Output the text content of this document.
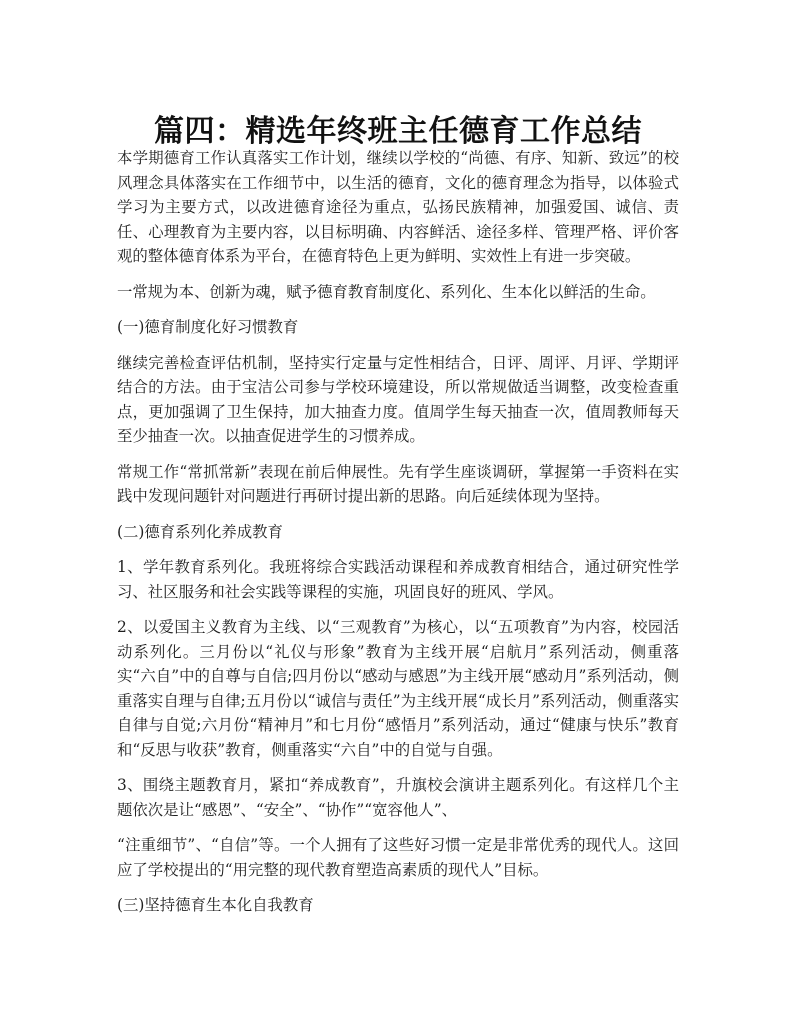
篇四：精选年终班主任德育工作总结

本学期德育工作认真落实工作计划，继续以学校的“尚德、有序、知新、致远”的校风理念具体落实在工作细节中，以生活的德育，文化的德育理念为指导，以体验式学习为主要方式，以改进德育途径为重点，弘扬民族精神，加强爱国、诚信、责任、心理教育为主要内容，以目标明确、内容鲜活、途径多样、管理严格、评价客观的整体德育体系为平台，在德育特色上更为鲜明、实效性上有进一步突破。

一常规为本、创新为魂，赋予德育教育制度化、系列化、生本化以鲜活的生命。

(一)德育制度化好习惯教育

继续完善检查评估机制，坚持实行定量与定性相结合，日评、周评、月评、学期评结合的方法。由于宝洁公司参与学校环境建设，所以常规做适当调整，改变检查重点，更加强调了卫生保持，加大抽查力度。值周学生每天抽查一次，值周教师每天至少抽查一次。以抽查促进学生的习惯养成。

常规工作“常抓常新”表现在前后伸展性。先有学生座谈调研，掌握第一手资料在实践中发现问题针对问题进行再研讨提出新的思路。向后延续体现为坚持。

(二)德育系列化养成教育

1、学年教育系列化。我班将综合实践活动课程和养成教育相结合，通过研究性学习、社区服务和社会实践等课程的实施，巩固良好的班风、学风。

2、以爱国主义教育为主线、以“三观教育”为核心，以“五项教育”为内容，校园活动系列化。三月份以“礼仪与形象”教育为主线开展“启航月”系列活动，侧重落实“六自”中的自尊与自信;四月份以“感动与感恩”为主线开展“感动月”系列活动，侧重落实自理与自律;五月份以“诚信与责任”为主线开展“成长月”系列活动，侧重落实自律与自觉;六月份“精神月”和七月份“感悟月”系列活动，通过“健康与快乐”教育和“反思与收获”教育，侧重落实“六自”中的自觉与自强。

3、围绕主题教育月，紧扣“养成教育”，升旗校会演讲主题系列化。有这样几个主题依次是让“感恩”、“安全”、“协作”“宽容他人”、

“注重细节”、“自信”等。一个人拥有了这些好习惯一定是非常优秀的现代人。这回应了学校提出的“用完整的现代教育塑造高素质的现代人”目标。

(三)坚持德育生本化自我教育
